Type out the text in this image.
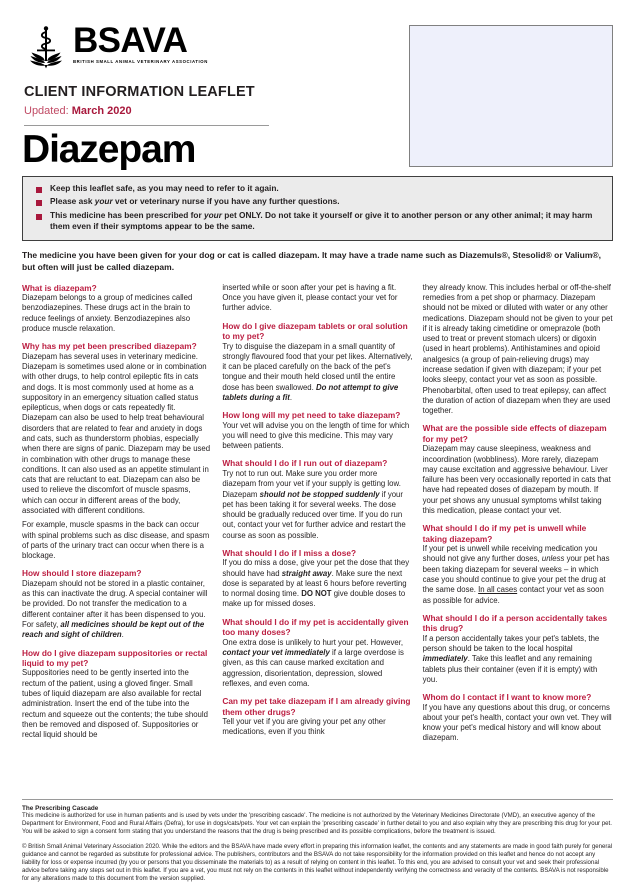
BSAVA
BRITISH SMALL ANIMAL VETERINARY ASSOCIATION
CLIENT INFORMATION LEAFLET
Updated: March 2020
Diazepam
Keep this leaflet safe, as you may need to refer to it again.
Please ask your vet or veterinary nurse if you have any further questions.
This medicine has been prescribed for your pet ONLY. Do not take it yourself or give it to another person or any other animal; it may harm them even if their symptoms appear to be the same.
The medicine you have been given for your dog or cat is called diazepam. It may have a trade name such as Diazemuls®, Stesolid® or Valium®, but often will just be called diazepam.
What is diazepam?

Diazepam belongs to a group of medicines called benzodiazepines. These drugs act in the brain to reduce feelings of anxiety. Benzodiazepines also produce muscle relaxation.

Why has my pet been prescribed diazepam?

Diazepam has several uses in veterinary medicine. Diazepam is sometimes used alone or in combination with other drugs, to help control epileptic fits in cats and dogs. It is most commonly used at home as a suppository in an emergency situation called status epilepticus, when dogs or cats repeatedly fit. Diazepam can also be used to help treat behavioural disorders that are related to fear and anxiety in dogs and cats, such as thunderstorm phobias, especially when there are signs of panic. Diazepam may be used in combination with other drugs to manage these conditions. It can also used as an appetite stimulant in cats that are reluctant to eat. Diazepam can also be used to relieve the discomfort of muscle spasms, which can occur in different areas of the body, associated with different conditions.

For example, muscle spasms in the back can occur with spinal problems such as disc disease, and spasm of parts of the urinary tract can occur when there is a blockage.

How should I store diazepam?

Diazepam should not be stored in a plastic container, as this can inactivate the drug. A special container will be provided. Do not transfer the medication to a different container after it has been dispensed to you. For safety, all medicines should be kept out of the reach and sight of children.

How do I give diazepam suppositories or rectal liquid to my pet?

Suppositories need to be gently inserted into the rectum of the patient, using a gloved finger. Small tubes of liquid diazepam are also available for rectal administration. Insert the end of the tube into the rectum and squeeze out the contents; the tube should then be removed and disposed of. Suppositories or rectal liquid should be

inserted while or soon after your pet is having a fit. Once you have given it, please contact your vet for further advice.

How do I give diazepam tablets or oral solution to my pet?

Try to disguise the diazepam in a small quantity of strongly flavoured food that your pet likes. Alternatively, it can be placed carefully on the back of the pet's tongue and their mouth held closed until the entire dose has been swallowed. Do not attempt to give tablets during a fit.

How long will my pet need to take diazepam?

Your vet will advise you on the length of time for which you will need to give this medicine. This may vary between patients.

What should I do if I run out of diazepam?

Try not to run out. Make sure you order more diazepam from your vet if your supply is getting low. Diazepam should not be stopped suddenly if your pet has been taking it for several weeks. The dose should be gradually reduced over time. If you do run out, contact your vet for further advice and restart the course as soon as possible.

What should I do if I miss a dose?

If you do miss a dose, give your pet the dose that they should have had straight away. Make sure the next dose is separated by at least 6 hours before reverting to normal dosing time. DO NOT give double doses to make up for missed doses.

What should I do if my pet is accidentally given too many doses?

One extra dose is unlikely to hurt your pet. However, contact your vet immediately if a large overdose is given, as this can cause marked excitation and aggression, disorientation, depression, slowed reflexes, and even coma.

Can my pet take diazepam if I am already giving them other drugs?

Tell your vet if you are giving your pet any other medications, even if you think

they already know. This includes herbal or off-the-shelf remedies from a pet shop or pharmacy. Diazepam should not be mixed or diluted with water or any other medications. Diazepam should not be given to your pet if it is already taking cimetidine or omeprazole (both used to treat or prevent stomach ulcers) or digoxin (used in heart problems). Antihistamines and opioid analgesics (a group of pain-relieving drugs) may increase sedation if given with diazepam; if your pet looks sleepy, contact your vet as soon as possible. Phenobarbital, often used to treat epilepsy, can affect the duration of action of diazepam when they are used together.

What are the possible side effects of diazepam for my pet?

Diazepam may cause sleepiness, weakness and incoordination (wobbliness). More rarely, diazepam may cause excitation and aggressive behaviour. Liver failure has been very occasionally reported in cats that have had repeated doses of diazepam by mouth. If your pet shows any unusual symptoms whilst taking this medication, please contact your vet.

What should I do if my pet is unwell while taking diazepam?

If your pet is unwell while receiving medication you should not give any further doses, unless your pet has been taking diazepam for several weeks – in which case you should continue to give your pet the drug at the same dose. In all cases contact your vet as soon as possible for advice.

What should I do if a person accidentally takes this drug?

If a person accidentally takes your pet's tablets, the person should be taken to the local hospital immediately. Take this leaflet and any remaining tablets plus their container (even if it is empty) with you.

Whom do I contact if I want to know more?

If you have any questions about this drug, or concerns about your pet's health, contact your own vet. They will know your pet's medical history and will know about diazepam.

The Prescribing Cascade

This medicine is authorized for use in human patients and is used by vets under the 'prescribing cascade'. The medicine is not authorized by the Veterinary Medicines Directorate (VMD), an executive agency of the Department for Environment, Food and Rural Affairs (Defra), for use in dogs/cats/pets. Your vet can explain the 'prescribing cascade' in further detail to you and also explain why they are prescribing this drug for your pet. You will be asked to sign a consent form stating that you understand the reasons that the drug is being prescribed and its possible complications, before the treatment is issued.

© British Small Animal Veterinary Association 2020. While the editors and the BSAVA have made every effort in preparing this information leaflet, the contents and any statements are made in good faith purely for general guidance and cannot be regarded as substitute for professional advice. The publishers, contributors and the BSAVA do not take responsibility for the information provided on this leaflet and hence do not accept any liability for loss or expense incurred (by you or persons that you disseminate the materials to) as a result of relying on content in this leaflet. To this end, you are advised to consult your vet and seek their professional advice before taking any steps set out in this leaflet. If you are a vet, you must not rely on the contents in this leaflet without independently verifying the correctness and veracity of the contents. BSAVA is not responsible for any alterations made to this document from the version supplied.
